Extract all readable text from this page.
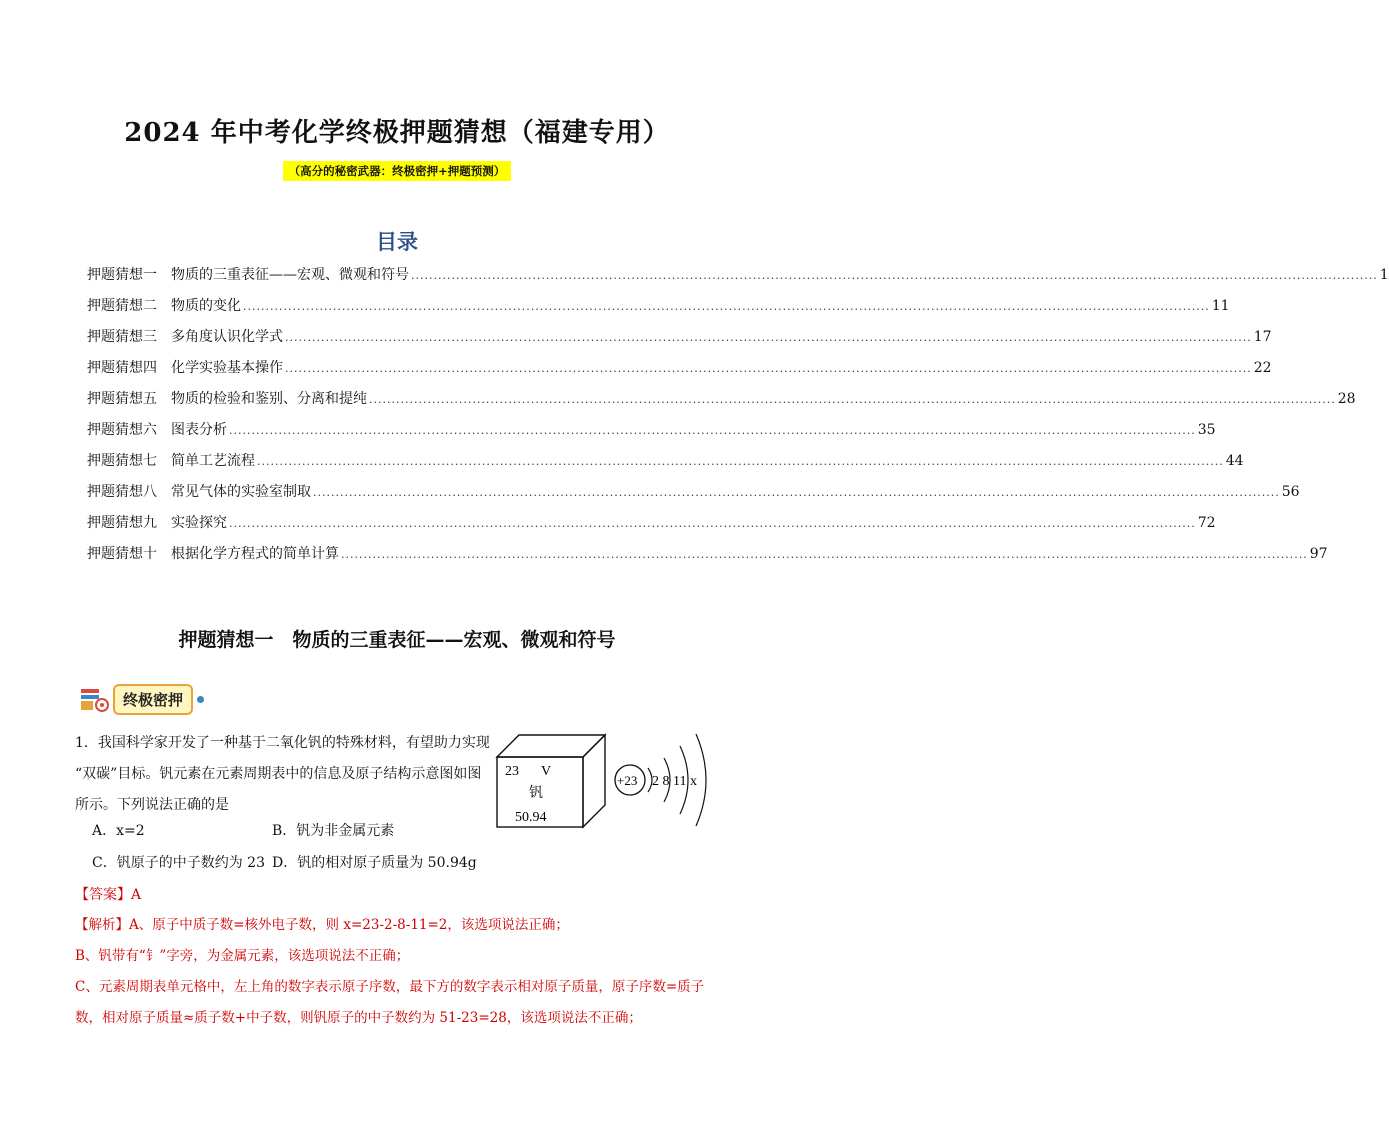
2024 年中考化学终极押题猜想（福建专用）
（高分的秘密武器：终极密押+押题预测）
目录
押题猜想一 物质的三重表征——宏观、微观和符号 ....................................................................................................................................................................................................................... 1
押题猜想二 物质的变化 ....................................................................................................................................................................................................................... 11
押题猜想三 多角度认识化学式 ....................................................................................................................................................................................................................... 17
押题猜想四 化学实验基本操作 ....................................................................................................................................................................................................................... 22
押题猜想五 物质的检验和鉴别、分离和提纯 ....................................................................................................................................................................................................................... 28
押题猜想六 图表分析 ....................................................................................................................................................................................................................... 35
押题猜想七 简单工艺流程 ....................................................................................................................................................................................................................... 44
押题猜想八 常见气体的实验室制取 ....................................................................................................................................................................................................................... 56
押题猜想九 实验探究 ....................................................................................................................................................................................................................... 72
押题猜想十 根据化学方程式的简单计算 ....................................................................................................................................................................................................................... 97
押题猜想一　物质的三重表征——宏观、微观和符号
终极密押
1．我国科学家开发了一种基于二氧化钒的特殊材料，有望助力实现
“双碳”目标。钒元素在元素周期表中的信息及原子结构示意图如图
所示。下列说法正确的是
A．x=2	B．钒为非金属元素
C．钒原子的中子数约为 23 D．钒的相对原子质量为 50.94g
23 V
钒
50.94
+23 2 8 11 x
【答案】A
【解析】A、原子中质子数=核外电子数，则 x=23-2-8-11=2，该选项说法正确；
B、钒带有“钅”字旁，为金属元素，该选项说法不正确；
C、元素周期表单元格中，左上角的数字表示原子序数，最下方的数字表示相对原子质量，原子序数=质子
数，相对原子质量≈质子数+中子数，则钒原子的中子数约为 51-23=28，该选项说法不正确；
